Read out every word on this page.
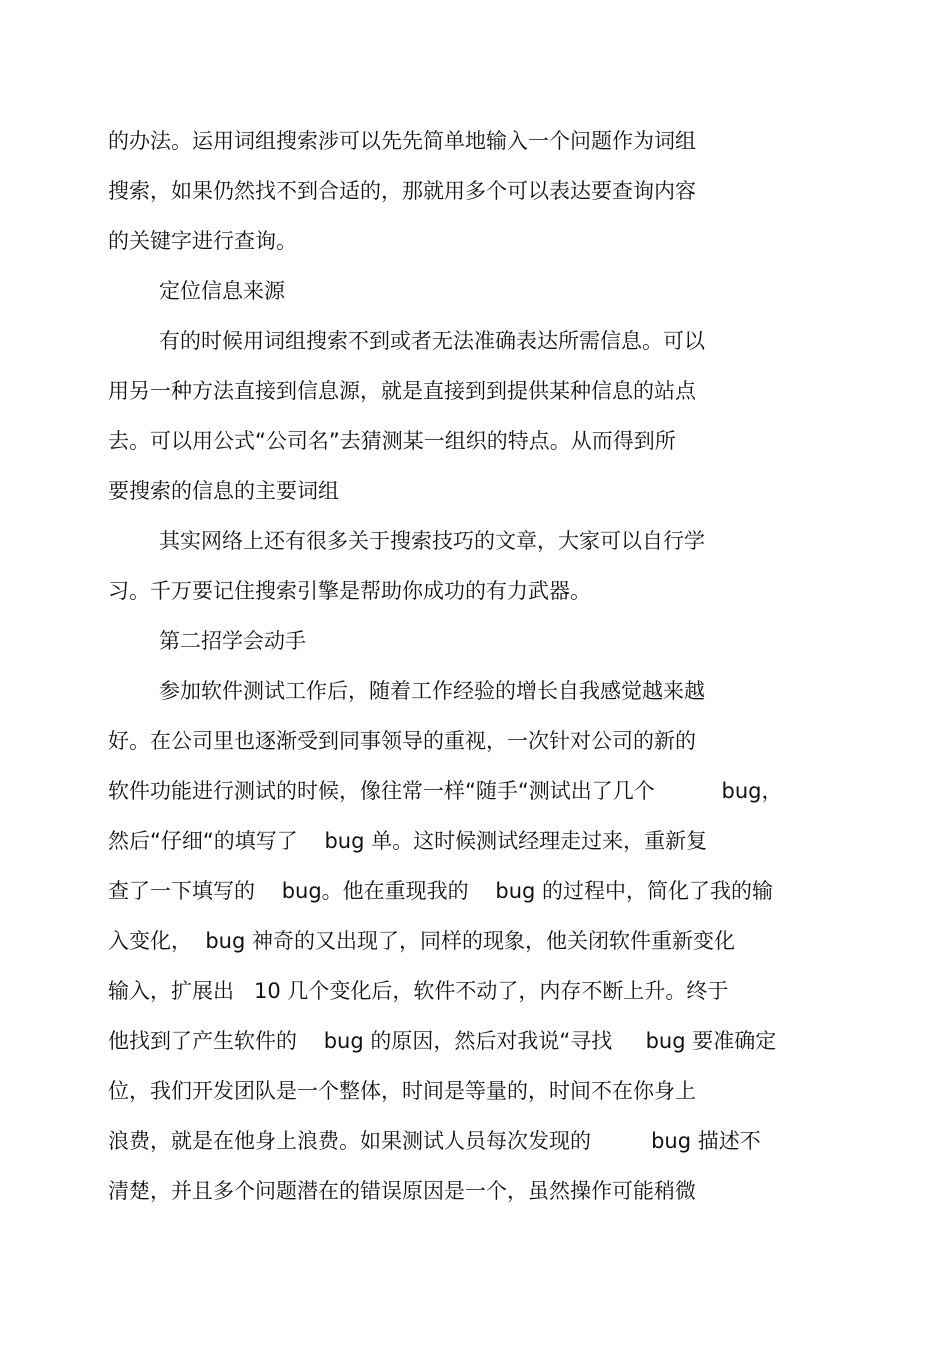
的办法。运用词组搜索涉可以先先简单地输入一个问题作为词组
搜索，如果仍然找不到合适的，那就用多个可以表达要查询内容
的关键字进行查询。
定位信息来源
有的时候用词组搜索不到或者无法准确表达所需信息。可以
用另一种方法直接到信息源，就是直接到到提供某种信息的站点
去。可以用公式“公司名”去猜测某一组织的特点。从而得到所
要搜索的信息的主要词组
其实网络上还有很多关于搜索技巧的文章，大家可以自行学
习。千万要记住搜索引擎是帮助你成功的有力武器。
第二招学会动手
参加软件测试工作后，随着工作经验的增长自我感觉越来越
好。在公司里也逐渐受到同事领导的重视，一次针对公司的新的
软件功能进行测试的时候，像往常一样“随手“测试出了几个          bug，
然后“仔细“的填写了    bug 单。这时候测试经理走过来，重新复
查了一下填写的    bug。他在重现我的    bug 的过程中，简化了我的输
入变化，  bug 神奇的又出现了，同样的现象，他关闭软件重新变化
输入，扩展出   10 几个变化后，软件不动了，内存不断上升。终于
他找到了产生软件的    bug 的原因，然后对我说“寻找     bug 要准确定
位，我们开发团队是一个整体，时间是等量的，时间不在你身上
浪费，就是在他身上浪费。如果测试人员每次发现的         bug 描述不
清楚，并且多个问题潜在的错误原因是一个，虽然操作可能稍微
